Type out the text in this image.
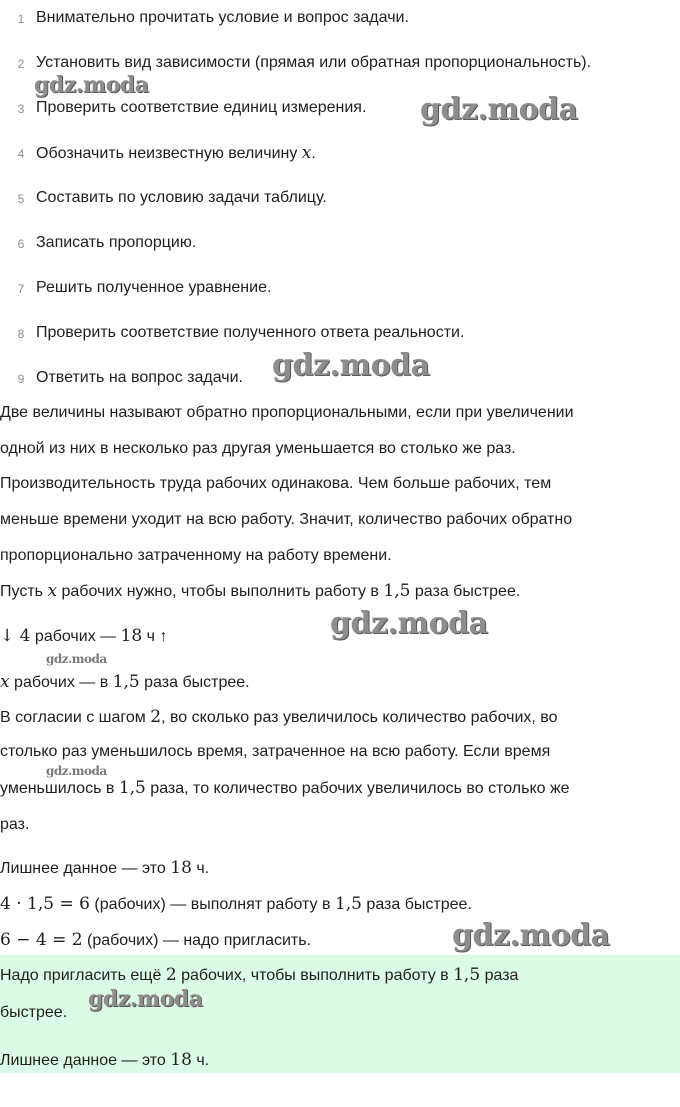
1 Внимательно прочитать условие и вопрос задачи.
2 Установить вид зависимости (прямая или обратная пропорциональность).
3 Проверить соответствие единиц измерения.
4 Обозначить неизвестную величину x.
5 Составить по условию задачи таблицу.
6 Записать пропорцию.
7 Решить полученное уравнение.
8 Проверить соответствие полученного ответа реальности.
9 Ответить на вопрос задачи.

Две величины называют обратно пропорциональными, если при увеличении

одной из них в несколько раз другая уменьшается во столько же раз.

Производительность труда рабочих одинакова. Чем больше рабочих, тем

меньше времени уходит на всю работу. Значит, количество рабочих обратно

пропорционально затраченному на работу времени.

Пусть x рабочих нужно, чтобы выполнить работу в 1,5 раза быстрее.

↓ 4 рабочих — 18 ч ↑

x рабочих — в 1,5 раза быстрее.

В согласии с шагом 2, во сколько раз увеличилось количество рабочих, во

столько раз уменьшилось время, затраченное на всю работу. Если время

уменьшилось в 1,5 раза, то количество рабочих увеличилось во столько же

раз.

Лишнее данное — это 18 ч.

4 · 1,5 = 6 (рабочих) — выполнят работу в 1,5 раза быстрее.

6 − 4 = 2 (рабочих) — надо пригласить.

Надо пригласить ещё 2 рабочих, чтобы выполнить работу в 1,5 раза

быстрее.

Лишнее данное — это 18 ч.

gdz.moda
gdz.moda
gdz.moda
gdz.moda
gdz.moda
gdz.moda
gdz.moda
gdz.moda
